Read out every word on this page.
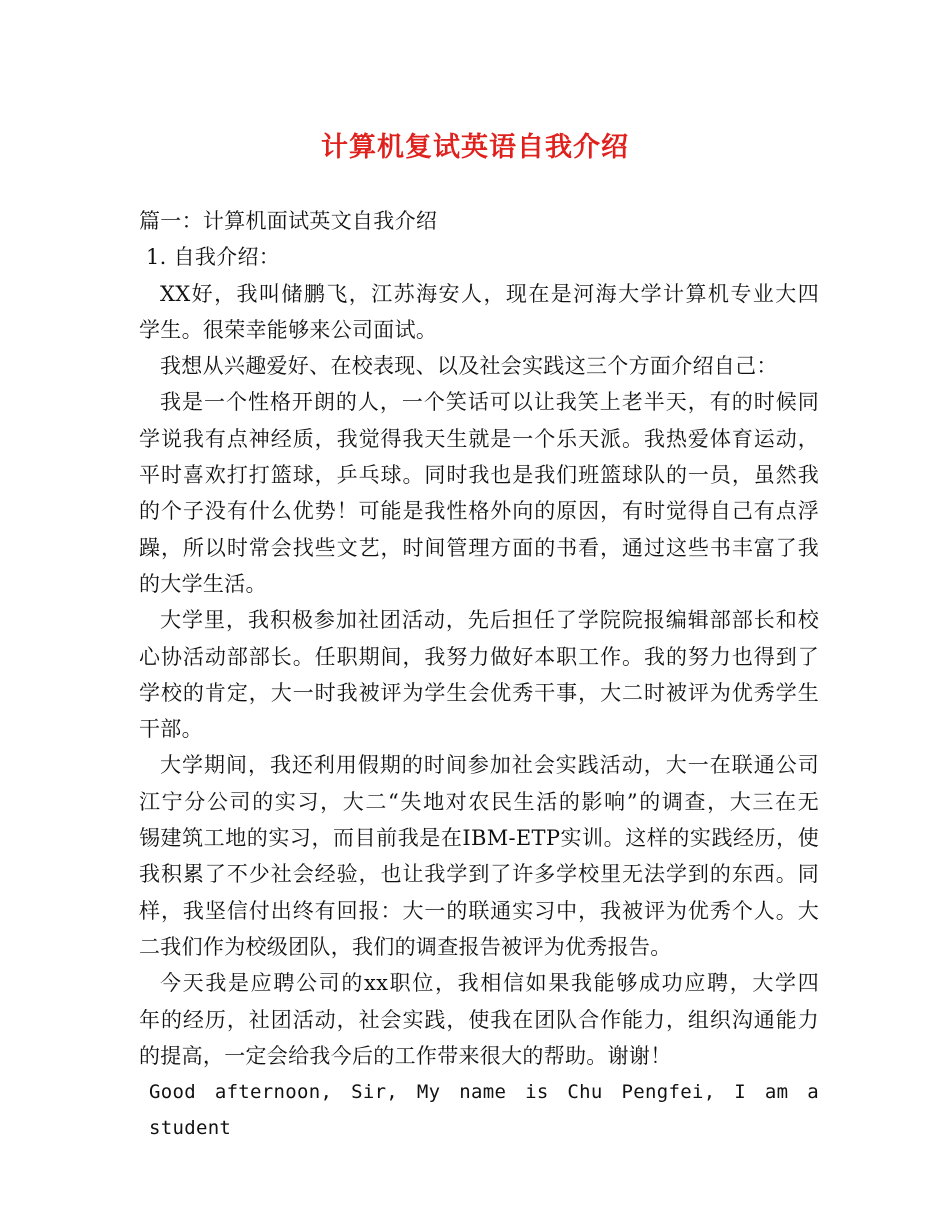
计算机复试英语自我介绍
篇一：计算机面试英文自我介绍
1. 自我介绍：
XX好，我叫储鹏飞，江苏海安人，现在是河海大学计算机专业大四
学生。很荣幸能够来公司面试。
我想从兴趣爱好、在校表现、以及社会实践这三个方面介绍自己：
我是一个性格开朗的人，一个笑话可以让我笑上老半天，有的时候同
学说我有点神经质，我觉得我天生就是一个乐天派。我热爱体育运动，
平时喜欢打打篮球，乒乓球。同时我也是我们班篮球队的一员，虽然我
的个子没有什么优势！可能是我性格外向的原因，有时觉得自己有点浮
躁，所以时常会找些文艺，时间管理方面的书看，通过这些书丰富了我
的大学生活。
大学里，我积极参加社团活动，先后担任了学院院报编辑部部长和校
心协活动部部长。任职期间，我努力做好本职工作。我的努力也得到了
学校的肯定，大一时我被评为学生会优秀干事，大二时被评为优秀学生
干部。
大学期间，我还利用假期的时间参加社会实践活动，大一在联通公司
江宁分公司的实习，大二“失地对农民生活的影响”的调查，大三在无
锡建筑工地的实习，而目前我是在IBM-ETP实训。这样的实践经历，使
我积累了不少社会经验，也让我学到了许多学校里无法学到的东西。同
样，我坚信付出终有回报：大一的联通实习中，我被评为优秀个人。大
二我们作为校级团队，我们的调查报告被评为优秀报告。
今天我是应聘公司的xx职位，我相信如果我能够成功应聘，大学四
年的经历，社团活动，社会实践，使我在团队合作能力，组织沟通能力
的提高，一定会给我今后的工作带来很大的帮助。谢谢！
Good afternoon, Sir, My name is Chu Pengfei, I am a student
